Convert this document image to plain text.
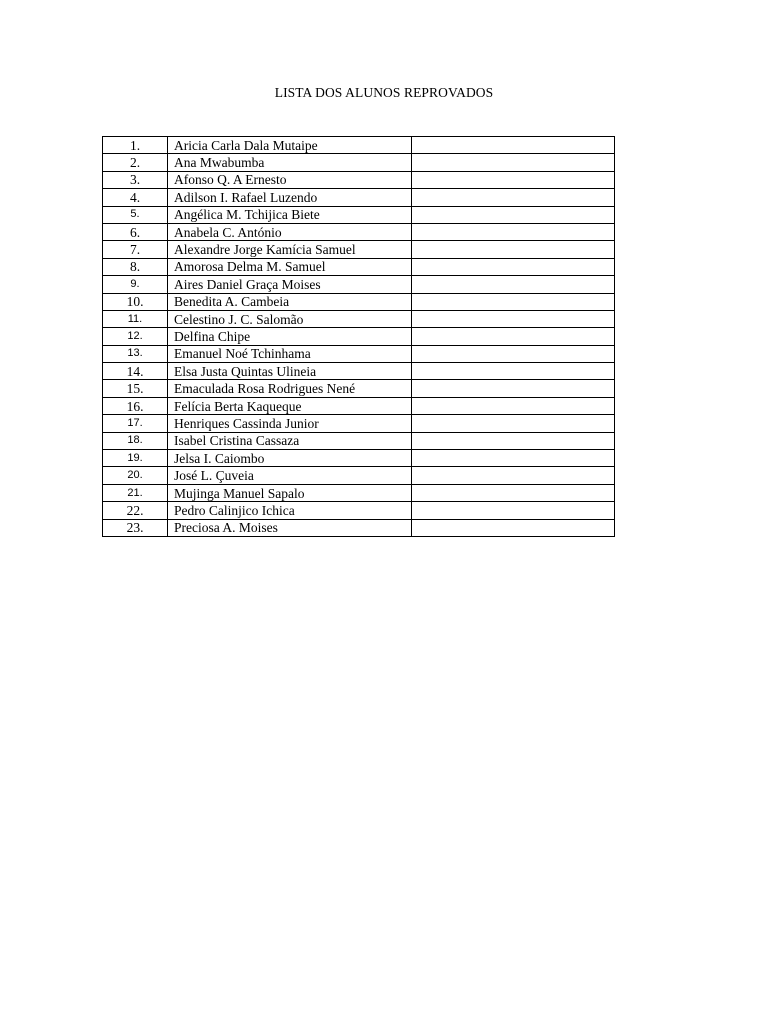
LISTA DOS ALUNOS REPROVADOS
1.	Aricia Carla Dala Mutaipe	
2.	Ana Mwabumba	
3.	Afonso Q. A Ernesto	
4.	Adilson I. Rafael Luzendo	
5.	Angélica M. Tchijica Biete	
6.	Anabela C. António	
7.	Alexandre Jorge Kamícia Samuel	
8.	Amorosa Delma M. Samuel	
9.	Aires Daniel Graça Moises	
10.	Benedita A. Cambeia	
11.	Celestino J. C. Salomão	
12.	Delfina Chipe	
13.	Emanuel Noé Tchinhama	
14.	Elsa Justa Quintas Ulineia	
15.	Emaculada Rosa Rodrigues Nené	
16.	Felícia Berta Kaqueque	
17.	Henriques Cassinda Junior	
18.	Isabel Cristina Cassaza	
19.	Jelsa I. Caiombo	
20.	José L. Çuveia	
21.	Mujinga Manuel Sapalo	
22.	Pedro Calinjico Ichica	
23.	Preciosa A. Moises	
